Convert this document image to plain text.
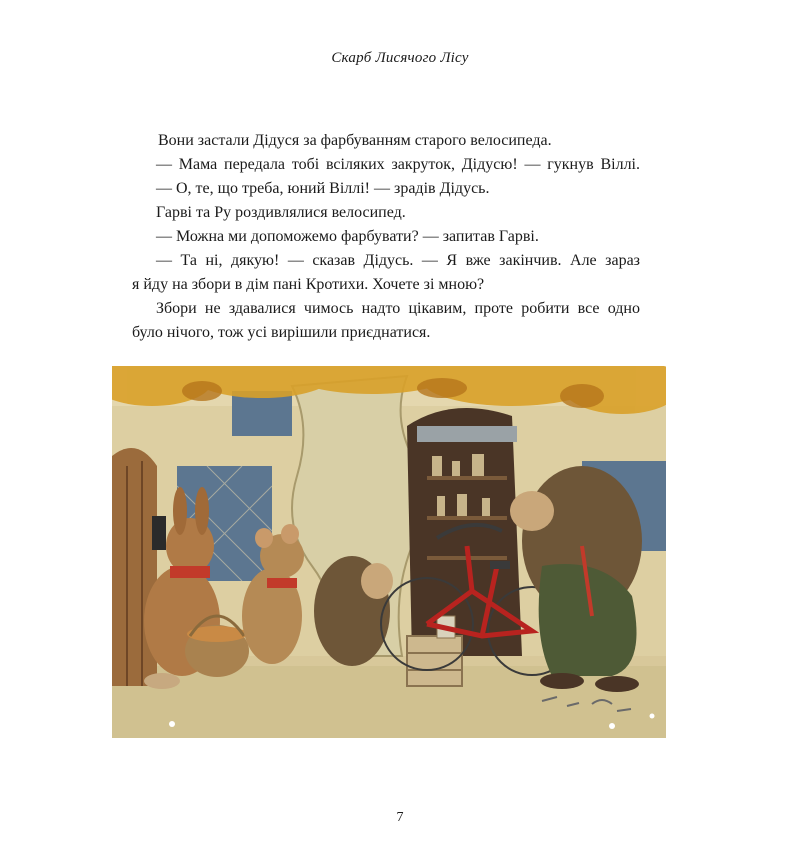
Скарб Лисячого Лісу

Вони застали Дідуся за фарбуванням старого велосипеда.

— Мама передала тобі всіляких закруток, Дідусю! — гукнув Віллі.

— О, те, що треба, юний Віллі! — зрадів Дідусь.

Гарві та Ру роздивлялися велосипед.

— Можна ми допоможемо фарбувати? — запитав Гарві.

— Та ні, дякую! — сказав Дідусь. — Я вже закінчив. Але зараз

я йду на збори в дім пані Кротихи. Хочете зі мною?

Збори не здавалися чимось надто цікавим, проте робити все одно

було нічого, тож усі вирішили приєднатися.

7
